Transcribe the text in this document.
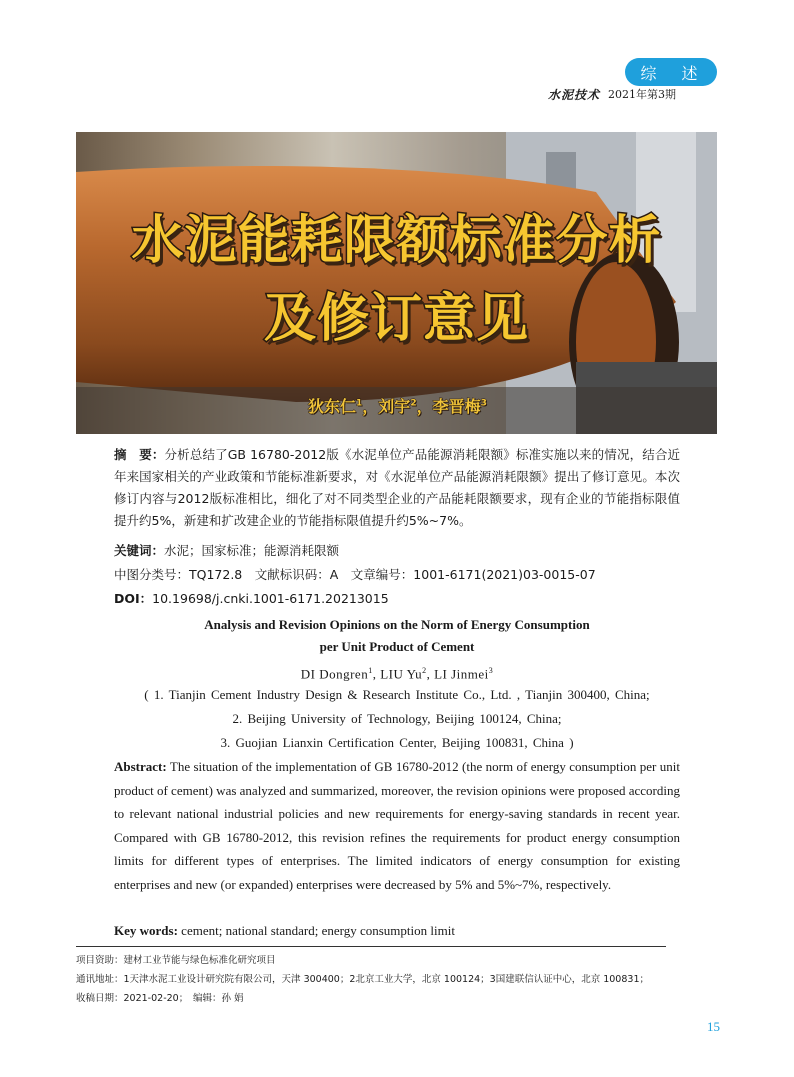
综 述
水泥技术 2021年第3期
水泥能耗限额标准分析
及修订意见
狄东仁$^1$，刘宇$^2$，李晋梅$^3$
摘　要：分析总结了GB 16780-2012版《水泥单位产品能源消耗限额》标准实施以来的情况，结合近年来国家相关的产业政策和节能标准新要求，对《水泥单位产品能源消耗限额》提出了修订意见。本次修订内容与2012版标准相比，细化了对不同类型企业的产品能耗限额要求，现有企业的节能指标限值提升约5%，新建和扩改建企业的节能指标限值提升约5%~7%。
关键词：水泥；国家标准；能源消耗限额
中图分类号：TQ172.8　文献标识码：A　文章编号：1001-6171(2021)03-0015-07
DOI：10.19698/j.cnki.1001-6171.20213015
Analysis and Revision Opinions on the Norm of Energy Consumption
per Unit Product of Cement
DI Dongren$^1$, LIU Yu$^2$, LI Jinmei$^3$
( 1. Tianjin Cement Industry Design & Research Institute Co., Ltd. , Tianjin 300400, China;
2. Beijing University of Technology, Beijing 100124, China;
3. Guojian Lianxin Certification Center, Beijing 100831, China )
Abstract: The situation of the implementation of GB 16780-2012 (the norm of energy consumption per unit product of cement) was analyzed and summarized, moreover, the revision opinions were proposed according to relevant national industrial policies and new requirements for energy-saving standards in recent year. Compared with GB 16780-2012, this revision refines the requirements for product energy consumption limits for different types of enterprises. The limited indicators of energy consumption for existing enterprises and new (or expanded) enterprises were decreased by 5% and 5%~7%, respectively.
Key words: cement; national standard; energy consumption limit
项目资助：建材工业节能与绿色标准化研究项目
通讯地址：1天津水泥工业设计研究院有限公司，天津 300400；2北京工业大学，北京 100124；3国建联信认证中心，北京 100831；
收稿日期：2021-02-20；　编辑：孙 娟
15
